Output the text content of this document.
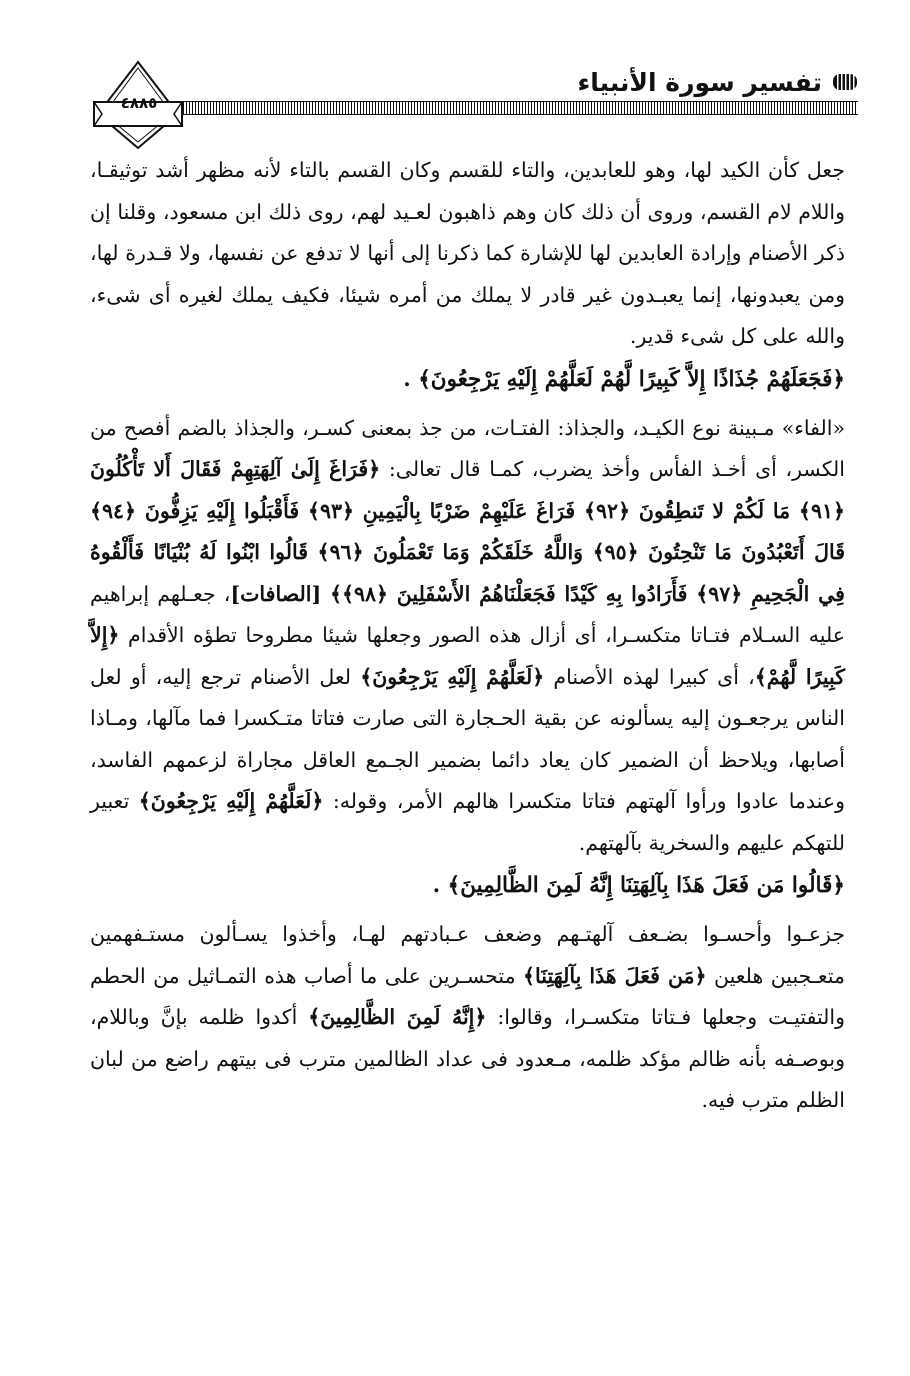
تفسير سورة الأنبياء
٤٨٨٥

جعل كأن الكيد لها، وهو للعابدين، والتاء للقسم وكان القسم بالتاء لأنه مظهر أشد توثيقـا، واللام لام القسم، وروى أن ذلك كان وهم ذاهبون لعـيد لهم، روى ذلك ابن مسعود، وقلنا إن ذكر الأصنام وإرادة العابدين لها للإشارة كما ذكرنا إلى أنها لا تدفع عن نفسها، ولا قـدرة لها، ومن يعبدونها، إنما يعبـدون غير قادر لا يملك من أمره شيئا، فكيف يملك لغيره أى شىء، والله على كل شىء قدير.

﴿فَجَعَلَهُمْ جُذَاذًا إِلاَّ كَبِيرًا لَّهُمْ لَعَلَّهُمْ إِلَيْهِ يَرْجِعُونَ﴾ .

«الفاء» مـبينة نوع الكيـد، والجذاذ: الفتـات، من جذ بمعنى كسـر، والجذاذ بالضم أفصح من الكسر، أى أخـذ الفأس وأخذ يضرب، كمـا قال تعالى: ﴿فَرَاغَ إِلَىٰ آلِهَتِهِمْ فَقَالَ أَلا تَأْكُلُونَ ﴿٩١﴾ مَا لَكُمْ لا تَنطِقُونَ ﴿٩٢﴾ فَرَاغَ عَلَيْهِمْ ضَرْبًا بِالْيَمِينِ ﴿٩٣﴾ فَأَقْبَلُوا إِلَيْهِ يَزِفُّونَ ﴿٩٤﴾ قَالَ أَتَعْبُدُونَ مَا تَنْحِتُونَ ﴿٩٥﴾ وَاللَّهُ خَلَقَكُمْ وَمَا تَعْمَلُونَ ﴿٩٦﴾ قَالُوا ابْنُوا لَهُ بُنْيَانًا فَأَلْقُوهُ فِي الْجَحِيمِ ﴿٩٧﴾ فَأَرَادُوا بِهِ كَيْدًا فَجَعَلْنَاهُمُ الأَسْفَلِينَ ﴿٩٨﴾﴾ [الصافات]، جعـلهم إبراهيم عليه السـلام فتـاتا متكسـرا، أى أزال هذه الصور وجعلها شيئا مطروحا تطؤه الأقدام ﴿إِلاَّ كَبِيرًا لَّهُمْ﴾، أى كبيرا لهذه الأصنام ﴿لَعَلَّهُمْ إِلَيْهِ يَرْجِعُونَ﴾ لعل الأصنام ترجع إليه، أو لعل الناس يرجعـون إليه يسألونه عن بقية الحـجارة التى صارت فتاتا متـكسرا فما مآلها، ومـاذا أصابها، ويلاحظ أن الضمير كان يعاد دائما بضمير الجـمع العاقل مجاراة لزعمهم الفاسد، وعندما عادوا ورأوا آلهتهم فتاتا متكسرا هالهم الأمر، وقوله: ﴿لَعَلَّهُمْ إِلَيْهِ يَرْجِعُونَ﴾ تعبير للتهكم عليهم والسخرية بآلهتهم.

﴿قَالُوا مَن فَعَلَ هَذَا بِآلِهَتِنَا إِنَّهُ لَمِنَ الظَّالِمِينَ﴾ .

جزعـوا وأحسـوا بضـعف آلهتـهم وضعف عـبادتهم لهـا، وأخذوا يسـألون مستـفهمين متعـجبين هلعين ﴿مَن فَعَلَ هَذَا بِآلِهَتِنَا﴾ متحسـرين على ما أصاب هذه التمـاثيل من الحطم والتفتيـت وجعلها فـتاتا متكسـرا، وقالوا: ﴿إِنَّهُ لَمِنَ الظَّالِمِينَ﴾ أكدوا ظلمه بإنَّ وباللام، وبوصـفه بأنه ظالم مؤكد ظلمه، مـعدود فى عداد الظالمين مترب فى بيتهم راضع من لبان الظلم مترب فيه.
